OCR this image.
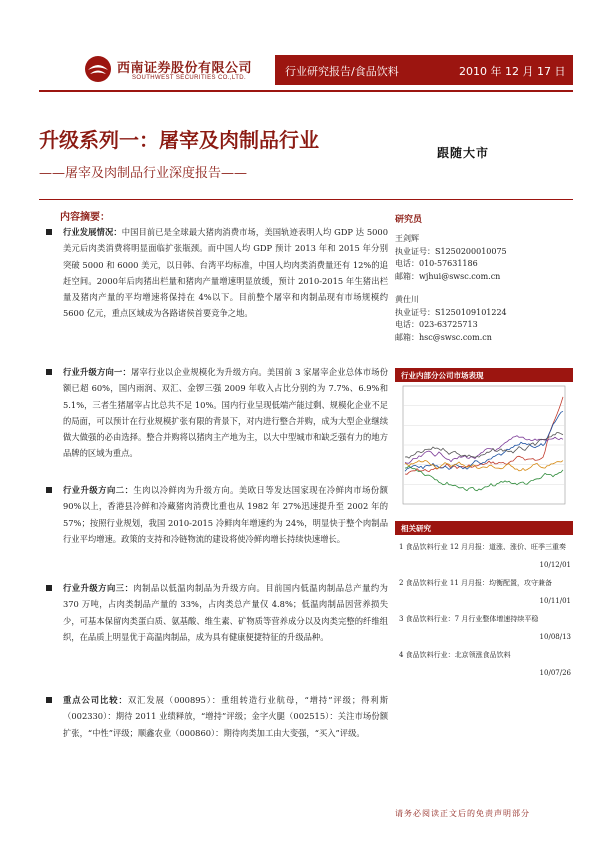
西南证券股份有限公司
SOUTHWEST SECURITIES CO.,LTD.	行业研究报告/食品饮料	2010 年 12 月 17 日
升级系列一：屠宰及肉制品行业
——屠宰及肉制品行业深度报告——
跟随大市
内容摘要：
行业发展情况：中国目前已是全球最大猪肉消费市场，美国轨迹表明人均 GDP 达 5000 美元后肉类消费将明显面临扩张瓶颈。而中国人均 GDP 预计 2013 年和 2015 年分别突破 5000 和 6000 美元，以日韩、台湾平均标准，中国人均肉类消费量还有 12%的追赶空间。2000年后肉猪出栏量和猪肉产量增速明显放缓，预计 2010-2015 年生猪出栏量及猪肉产量的平均增速将保持在 4%以下。目前整个屠宰和肉制品现有市场规模约 5600 亿元，重点区域成为各路诸侯首要竞争之地。
行业升级方向一：屠宰行业以企业规模化为升级方向。美国前 3 家屠宰企业总体市场份额已超 60%，国内雨润、双汇、金锣三强 2009 年收入占比分别约为 7.7%、6.9%和 5.1%，三者生猪屠宰占比总共不足 10%。国内行业呈现低端产能过剩、规模化企业不足的局面，可以预计在行业规模扩张有限的背景下，对内进行整合并购，成为大型企业继续做大做强的必由选择。整合并购将以猪肉主产地为主，以大中型城市和缺乏强有力的地方品牌的区域为重点。
行业升级方向二：生肉以冷鲜肉为升级方向。美欧日等发达国家现在冷鲜肉市场份额 90%以上，香港县冷鲜和冷藏猪肉消费比重也从 1982 年 27%迅速提升至 2002 年的 57%；按照行业规划，我国 2010-2015 冷鲜肉年增速约为 24%，明显快于整个肉制品行业平均增速。政策的支持和冷链物流的建设将使冷鲜肉增长持续快速增长。
行业升级方向三：肉制品以低温肉制品为升级方向。目前国内低温肉制品总产量约为 370 万吨，占肉类制品产量的 33%，占肉类总产量仅 4.8%；低温肉制品因营养损失少，可基本保留肉类蛋白质、氨基酸、维生素、矿物质等营养成分以及肉类完整的纤维组织，在品质上明显优于高温肉制品，成为具有健康便捷特征的升级品种。
重点公司比较：双汇发展（000895）：重组转造行业航母，“增持”评级；得利斯（002330）：期待 2011 业绩释放，“增持”评级；金字火腿（002515）：关注市场份额扩张，“中性”评级；顺鑫农业（000860）：期待肉类加工由大变强，“买入”评级。
研究员
王剑辉
执业证号：S1250200010075
电话：010-57631186
邮箱：wjhui@swsc.com.cn
黄仕川
执业证号：S1250109101224
电话：023-63725713
邮箱：hsc@swsc.com.cn
行业内部分公司市场表现
相关研究
1 食品饮料行业 12 月月报：道涨、涨价、旺季三重奏
10/12/01
2 食品饮料行业 11 月月报：均衡配置，攻守兼备
10/11/01
3 食品饮料行业：7 月行业整体增速持续平稳
10/08/13
4 食品饮料行业：北京领涨食品饮料
10/07/26
请务必阅读正文后的免责声明部分
